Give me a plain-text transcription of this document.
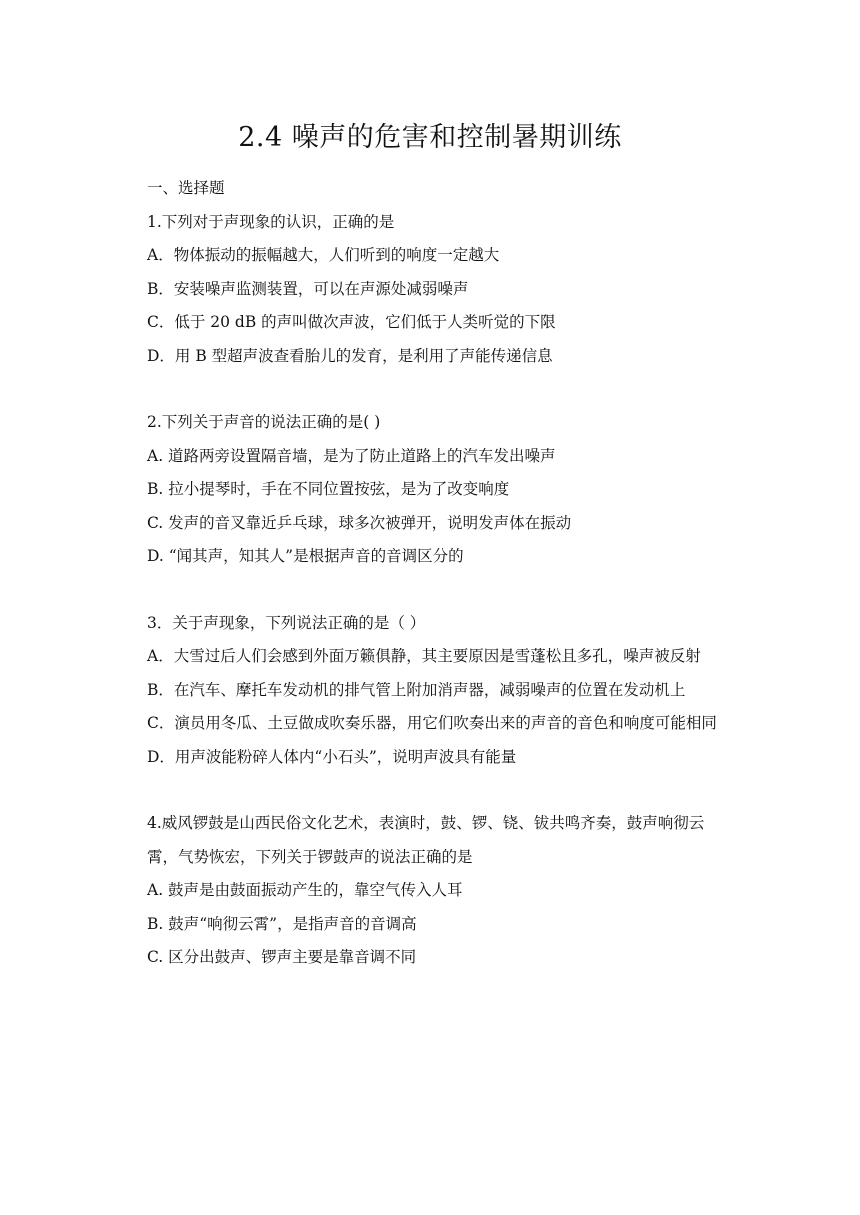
2.4 噪声的危害和控制暑期训练
一、选择题
1.下列对于声现象的认识，正确的是
A．物体振动的振幅越大，人们听到的响度一定越大
B．安装噪声监测装置，可以在声源处减弱噪声
C．低于 20 dB 的声叫做次声波，它们低于人类听觉的下限
D．用 B 型超声波查看胎儿的发育，是利用了声能传递信息
2.下列关于声音的说法正确的是( )
A. 道路两旁设置隔音墙，是为了防止道路上的汽车发出噪声
B. 拉小提琴时，手在不同位置按弦，是为了改变响度
C. 发声的音叉靠近乒乓球，球多次被弹开，说明发声体在振动
D. “闻其声，知其人”是根据声音的音调区分的
3．关于声现象，下列说法正确的是（ ）
A．大雪过后人们会感到外面万籁俱静，其主要原因是雪蓬松且多孔，噪声被反射
B．在汽车、摩托车发动机的排气管上附加消声器，减弱噪声的位置在发动机上
C．演员用冬瓜、土豆做成吹奏乐器，用它们吹奏出来的声音的音色和响度可能相同
D．用声波能粉碎人体内“小石头”，说明声波具有能量
4.威风锣鼓是山西民俗文化艺术，表演时，鼓、锣、铙、钹共鸣齐奏，鼓声响彻云霄，气势恢宏，下列关于锣鼓声的说法正确的是
A. 鼓声是由鼓面振动产生的，靠空气传入人耳
B. 鼓声“响彻云霄”，是指声音的音调高
C. 区分出鼓声、锣声主要是靠音调不同
